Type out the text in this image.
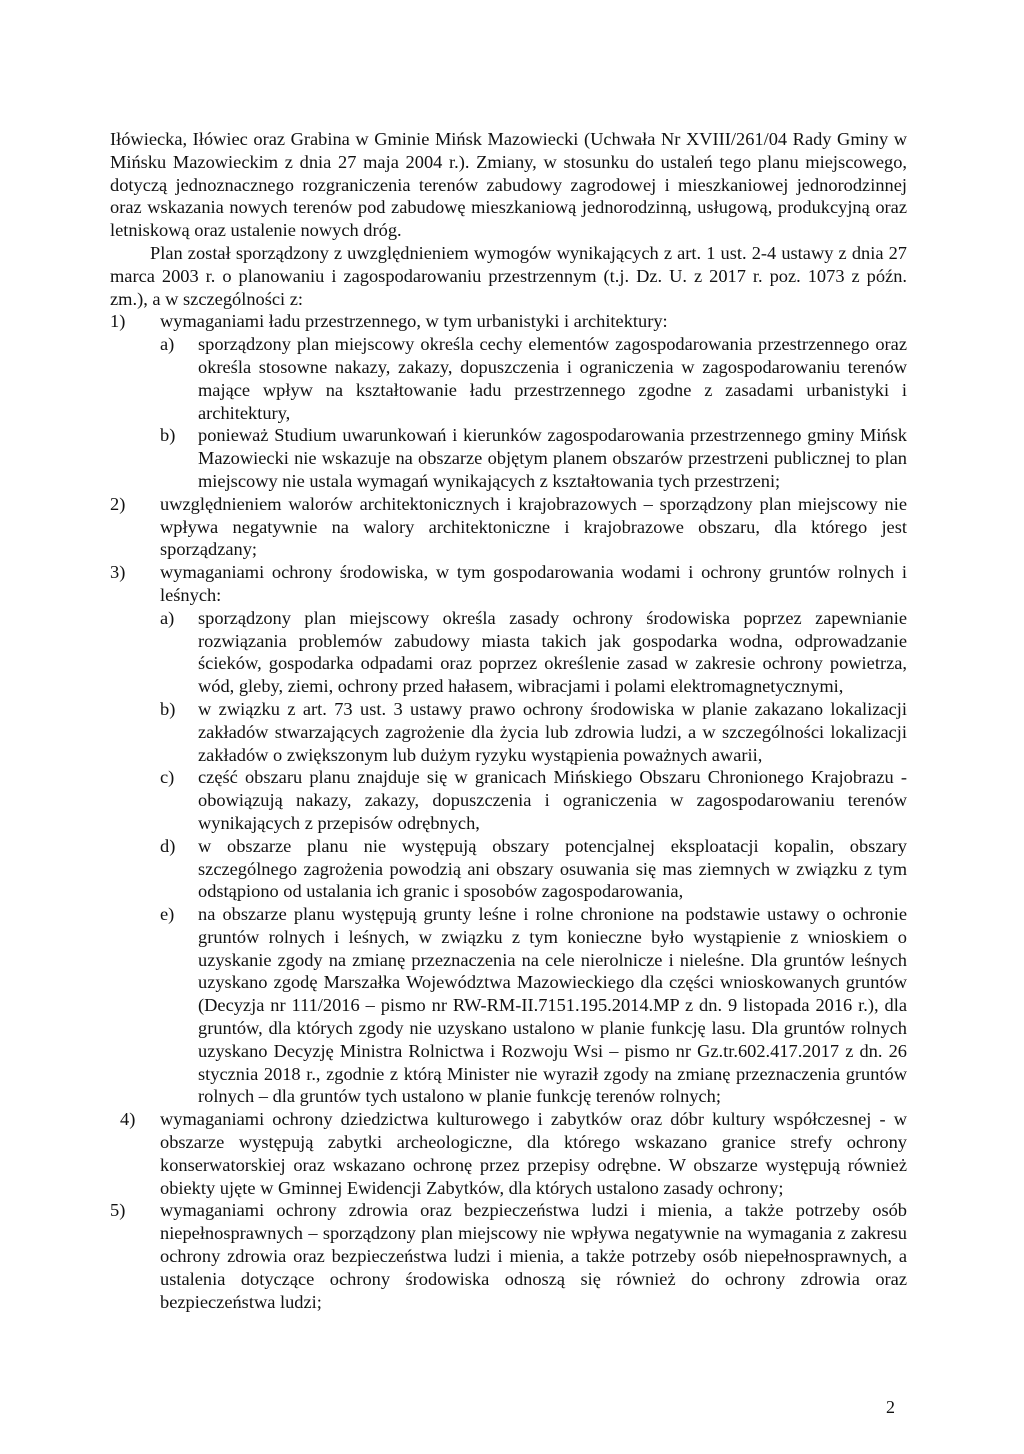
Iłówiecka, Iłówiec oraz Grabina w Gminie Mińsk Mazowiecki (Uchwała Nr XVIII/261/04 Rady Gminy w Mińsku Mazowieckim z dnia 27 maja 2004 r.). Zmiany, w stosunku do ustaleń tego planu miejscowego, dotyczą jednoznacznego rozgraniczenia terenów zabudowy zagrodowej i mieszkaniowej jednorodzinnej oraz wskazania nowych terenów pod zabudowę mieszkaniową jednorodzinną, usługową, produkcyjną oraz letniskową oraz ustalenie nowych dróg.

Plan został sporządzony z uwzględnieniem wymogów wynikających z art. 1 ust. 2-4 ustawy z dnia 27 marca 2003 r. o planowaniu i zagospodarowaniu przestrzennym (t.j. Dz. U. z 2017 r. poz. 1073 z późn. zm.), a w szczególności z:

1)	wymaganiami ładu przestrzennego, w tym urbanistyki i architektury:
a)	sporządzony plan miejscowy określa cechy elementów zagospodarowania przestrzennego oraz określa stosowne nakazy, zakazy, dopuszczenia i ograniczenia w zagospodarowaniu terenów mające wpływ na kształtowanie ładu przestrzennego zgodne z zasadami urbanistyki i architektury,
b)	ponieważ Studium uwarunkowań i kierunków zagospodarowania przestrzennego gminy Mińsk Mazowiecki nie wskazuje na obszarze objętym planem obszarów przestrzeni publicznej to plan miejscowy nie ustala wymagań wynikających z kształtowania tych przestrzeni;
2)	uwzględnieniem walorów architektonicznych i krajobrazowych – sporządzony plan miejscowy nie wpływa negatywnie na walory architektoniczne i krajobrazowe obszaru, dla którego jest sporządzany;
3)	wymaganiami ochrony środowiska, w tym gospodarowania wodami i ochrony gruntów rolnych i leśnych:
a)	sporządzony plan miejscowy określa zasady ochrony środowiska poprzez zapewnianie rozwiązania problemów zabudowy miasta takich jak gospodarka wodna, odprowadzanie ścieków, gospodarka odpadami oraz poprzez określenie zasad w zakresie ochrony powietrza, wód, gleby, ziemi, ochrony przed hałasem, wibracjami i polami elektromagnetycznymi,
b)	w związku z art. 73 ust. 3 ustawy prawo ochrony środowiska w planie zakazano lokalizacji zakładów stwarzających zagrożenie dla życia lub zdrowia ludzi, a w szczególności lokalizacji zakładów o zwiększonym lub dużym ryzyku wystąpienia poważnych awarii,
c)	część obszaru planu znajduje się w granicach Mińskiego Obszaru Chronionego Krajobrazu - obowiązują nakazy, zakazy, dopuszczenia i ograniczenia w zagospodarowaniu terenów wynikających z przepisów odrębnych,
d)	w obszarze planu nie występują obszary potencjalnej eksploatacji kopalin, obszary szczególnego zagrożenia powodzią ani obszary osuwania się mas ziemnych w związku z tym odstąpiono od ustalania ich granic i sposobów zagospodarowania,
e)	na obszarze planu występują grunty leśne i rolne chronione na podstawie ustawy o ochronie gruntów rolnych i leśnych, w związku z tym konieczne było wystąpienie z wnioskiem o uzyskanie zgody na zmianę przeznaczenia na cele nierolnicze i nieleśne. Dla gruntów leśnych uzyskano zgodę Marszałka Województwa Mazowieckiego dla części wnioskowanych gruntów (Decyzja nr 111/2016 – pismo nr RW-RM-II.7151.195.2014.MP z dn. 9 listopada 2016 r.), dla gruntów, dla których zgody nie uzyskano ustalono w planie funkcję lasu. Dla gruntów rolnych uzyskano Decyzję Ministra Rolnictwa i Rozwoju Wsi – pismo nr Gz.tr.602.417.2017 z dn. 26 stycznia 2018 r., zgodnie z którą Minister nie wyraził zgody na zmianę przeznaczenia gruntów rolnych – dla gruntów tych ustalono w planie funkcję terenów rolnych;
4)	wymaganiami ochrony dziedzictwa kulturowego i zabytków oraz dóbr kultury współczesnej - w obszarze występują zabytki archeologiczne, dla którego wskazano granice strefy ochrony konserwatorskiej oraz wskazano ochronę przez przepisy odrębne. W obszarze występują również obiekty ujęte w Gminnej Ewidencji Zabytków, dla których ustalono zasady ochrony;
5)	wymaganiami ochrony zdrowia oraz bezpieczeństwa ludzi i mienia, a także potrzeby osób niepełnosprawnych – sporządzony plan miejscowy nie wpływa negatywnie na wymagania z zakresu ochrony zdrowia oraz bezpieczeństwa ludzi i mienia, a także potrzeby osób niepełnosprawnych, a ustalenia dotyczące ochrony środowiska odnoszą się również do ochrony zdrowia oraz bezpieczeństwa ludzi;
2
